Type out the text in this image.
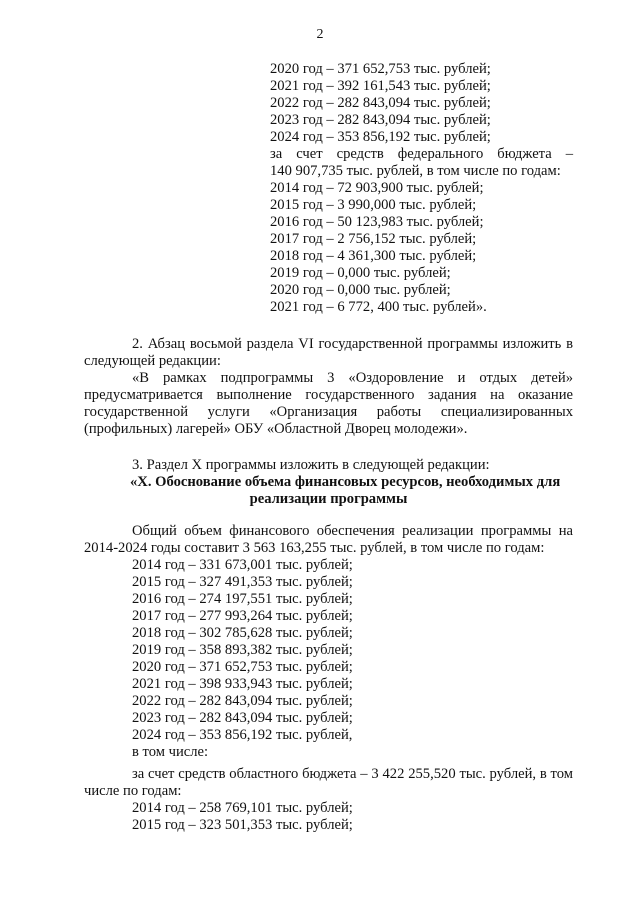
2
2020 год – 371 652,753 тыс. рублей;
2021 год – 392 161,543 тыс. рублей;
2022 год – 282 843,094 тыс. рублей;
2023 год – 282 843,094 тыс. рублей;
2024 год – 353 856,192 тыс. рублей;
за счет средств федерального бюджета –
140 907,735 тыс. рублей, в том числе по годам:
2014 год – 72 903,900 тыс. рублей;
2015 год – 3 990,000 тыс. рублей;
2016 год – 50 123,983 тыс. рублей;
2017 год – 2 756,152 тыс. рублей;
2018 год – 4 361,300 тыс. рублей;
2019 год – 0,000 тыс. рублей;
2020 год – 0,000 тыс. рублей;
2021 год – 6 772, 400 тыс. рублей».
2. Абзац восьмой раздела VI государственной программы изложить в
следующей редакции:
«В рамках подпрограммы 3 «Оздоровление и отдых детей»
предусматривается выполнение государственного задания на оказание
государственной услуги «Организация работы специализированных
(профильных) лагерей» ОБУ «Областной Дворец молодежи».
3. Раздел X программы изложить в следующей редакции:
«X. Обоснование объема финансовых ресурсов, необходимых для
реализации программы
Общий объем финансового обеспечения реализации программы на
2014-2024 годы составит 3 563 163,255 тыс. рублей, в том числе по годам:
2014 год – 331 673,001 тыс. рублей;
2015 год – 327 491,353 тыс. рублей;
2016 год – 274 197,551 тыс. рублей;
2017 год – 277 993,264 тыс. рублей;
2018 год – 302 785,628 тыс. рублей;
2019 год – 358 893,382 тыс. рублей;
2020 год – 371 652,753 тыс. рублей;
2021 год – 398 933,943 тыс. рублей;
2022 год – 282 843,094 тыс. рублей;
2023 год – 282 843,094 тыс. рублей;
2024 год – 353 856,192 тыс. рублей,
в том числе:
за счет средств областного бюджета – 3 422 255,520 тыс. рублей, в том
числе по годам:
2014 год – 258 769,101 тыс. рублей;
2015 год – 323 501,353 тыс. рублей;
